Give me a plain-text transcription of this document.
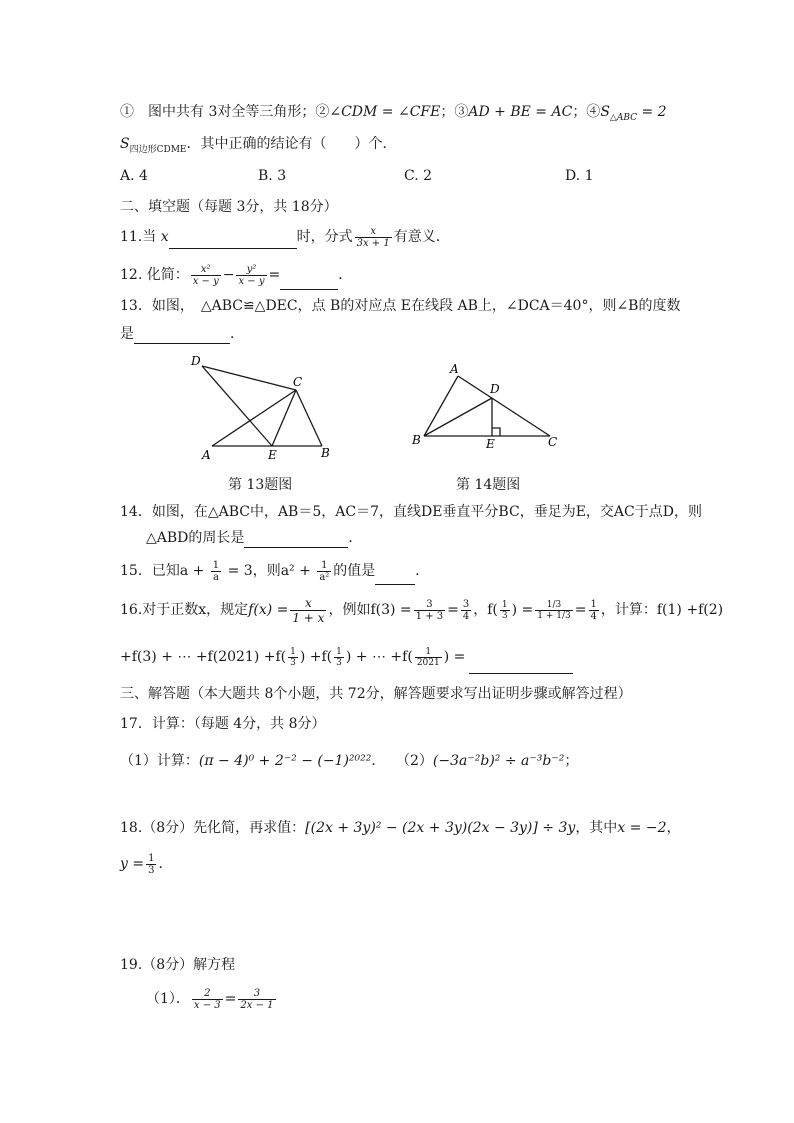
①　图中共有 3对全等三角形；②∠CDM = ∠CFE；③AD + BE = AC；$④S_{\triangle ABC} = 2$
$S_{四边形CDME}$．其中正确的结论有（　　）个．
A. 4	B. 3	C. 2	D. 1
二、填空题（每题 3分，共 18分）
11.当 x	时，分式 $\frac{x}{3x + 1}$ 有意义．
12. 化简： $\frac{\text{x²}}{x - y} - \frac{\text{y²}}{x - y}$ =	．
13．如图，　△ABC≌△DEC，点 B的对应点 E在线段 AB上，∠DCA＝40°，则∠B的度数
是	．
D
C
A	E	B
第 13题图
A
D
B	E	C
第 14题图
14．如图，在△ABC中，AB＝5，AC＝7，直线DE垂直平分BC，垂足为E，交AC于点D，则
△ABD的周长是	．
15．已知$a + \frac{1}{a} = 3$，则$a^2 + \frac{1}{\text{a²}}$ 的值是	．
16.对于正数x，规定$f(x) = \frac{x}{1 + x}$ ，例如$f(3) = \frac{3}{1 + 3} = \frac{3}{4}$ ，$f( \frac{1}{3}$ ) = $\frac{1/3}{1 + 1/3} = \frac{1}{4}$ ，计算：f(1) +f(2)
+f(3) + ⋯ $+f(2021) +f( \frac{1}{3}$ ) $+f( \frac{1}{3}$ ) + ⋯ $+f( \frac{1}{2021}$ ) =
三、解答题（本大题共 8个小题，共 72分，解答题要求写出证明步骤或解答过程）
17．计算：（每题 4分，共 8分）
（1）计算：(π − 4)⁰ + 2⁻² − (−1)²⁰²²． （2）(−3a⁻²b)² ÷ a⁻³b⁻²；
18.（8分）先化简，再求值：[(2x + 3y)² − (2x + 3y)(2x − 3y)] ÷ 3y，其中x = −2，
$y = \frac{1}{3}$ ．
19.（8分）解方程
（1）． $\frac{2}{x - 3} = \frac{3}{2x - 1}$
